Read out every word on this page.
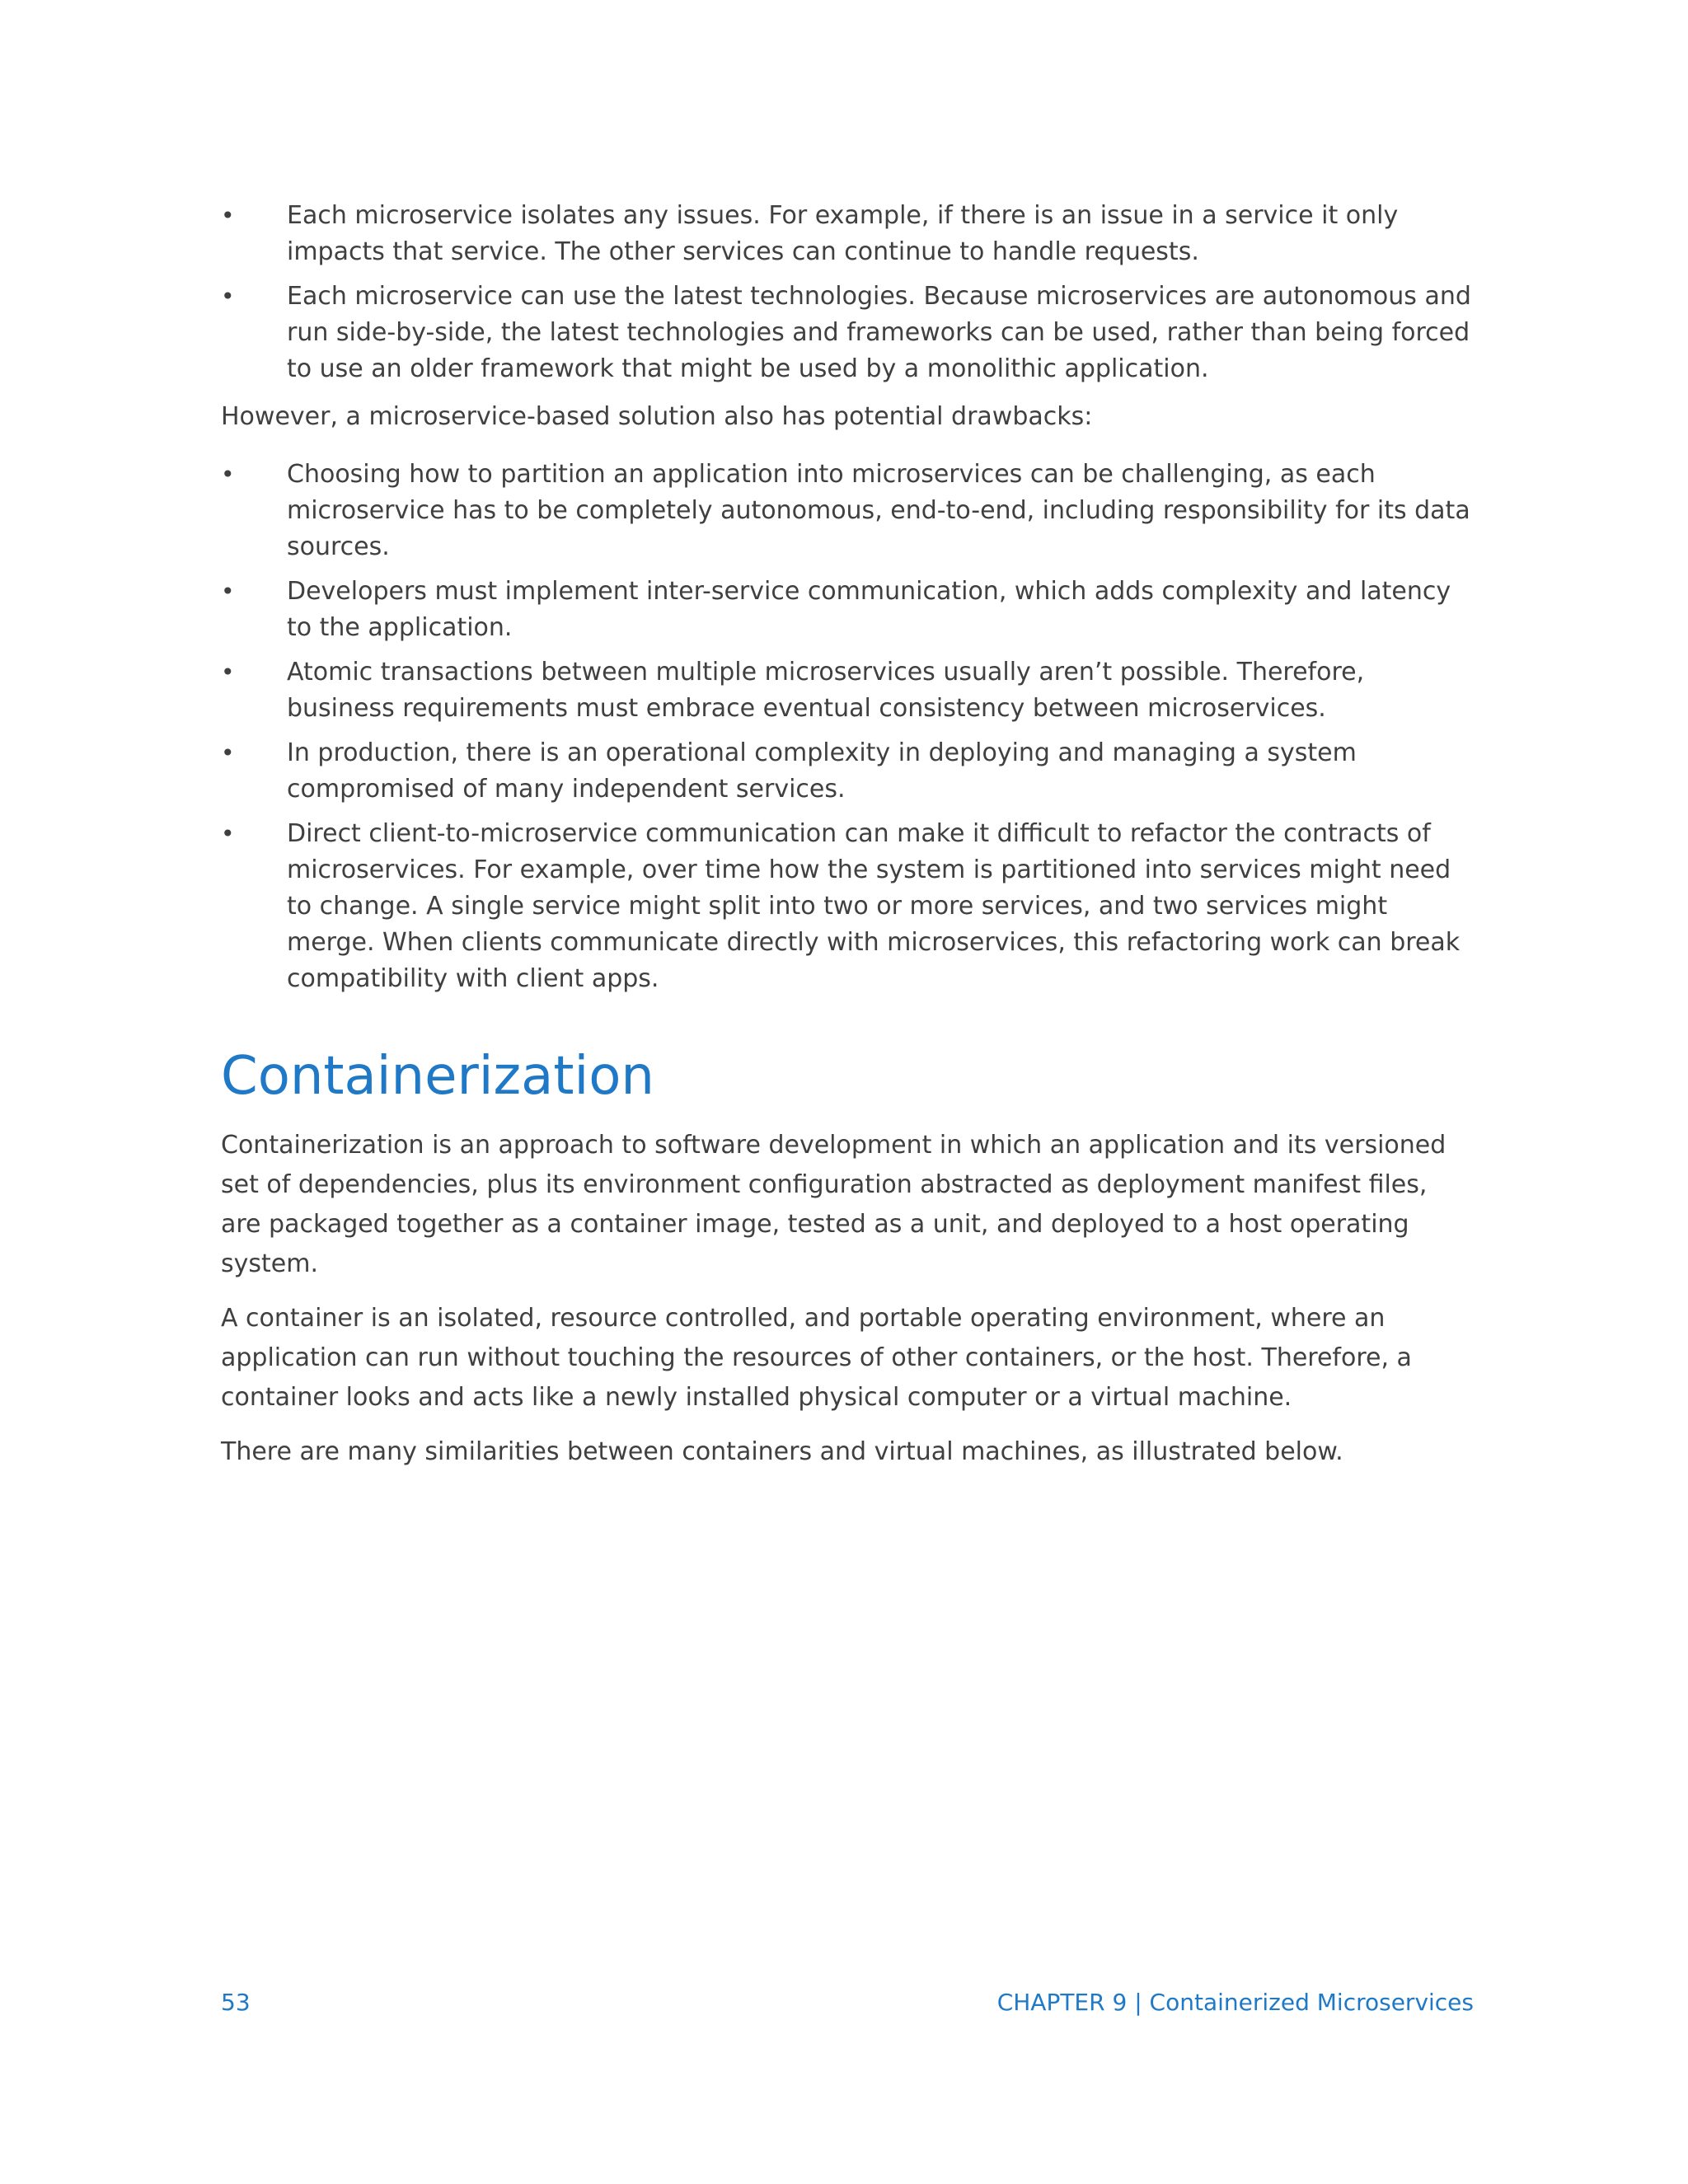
• Each microservice isolates any issues. For example, if there is an issue in a service it only impacts that service. The other services can continue to handle requests.
• Each microservice can use the latest technologies. Because microservices are autonomous and run side-by-side, the latest technologies and frameworks can be used, rather than being forced to use an older framework that might be used by a monolithic application.

However, a microservice-based solution also has potential drawbacks:

• Choosing how to partition an application into microservices can be challenging, as each microservice has to be completely autonomous, end-to-end, including responsibility for its data sources.
• Developers must implement inter-service communication, which adds complexity and latency to the application.
• Atomic transactions between multiple microservices usually aren’t possible. Therefore, business requirements must embrace eventual consistency between microservices.
• In production, there is an operational complexity in deploying and managing a system compromised of many independent services.
• Direct client-to-microservice communication can make it difficult to refactor the contracts of microservices. For example, over time how the system is partitioned into services might need to change. A single service might split into two or more services, and two services might merge. When clients communicate directly with microservices, this refactoring work can break compatibility with client apps.
Containerization

Containerization is an approach to software development in which an application and its versioned set of dependencies, plus its environment configuration abstracted as deployment manifest files, are packaged together as a container image, tested as a unit, and deployed to a host operating system.

A container is an isolated, resource controlled, and portable operating environment, where an application can run without touching the resources of other containers, or the host. Therefore, a container looks and acts like a newly installed physical computer or a virtual machine.

There are many similarities between containers and virtual machines, as illustrated below.

53	CHAPTER 9 | Containerized Microservices
